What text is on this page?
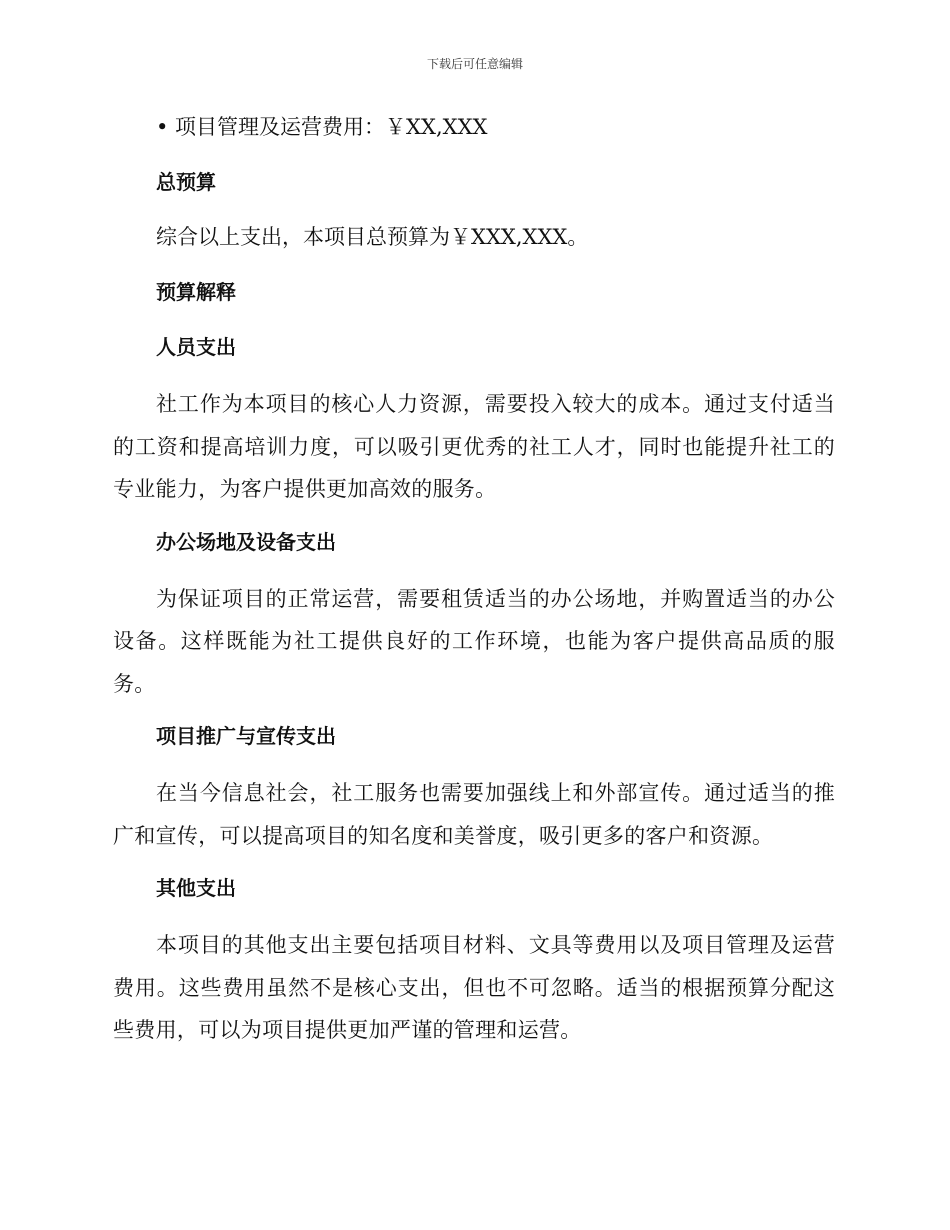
下载后可任意编辑
• 项目管理及运营费用：￥XX,XXX
总预算
综合以上支出，本项目总预算为￥XXX,XXX。
预算解释
人员支出
社工作为本项目的核心人力资源，需要投入较大的成本。通过支付适当的工资和提高培训力度，可以吸引更优秀的社工人才，同时也能提升社工的专业能力，为客户提供更加高效的服务。
办公场地及设备支出
为保证项目的正常运营，需要租赁适当的办公场地，并购置适当的办公设备。这样既能为社工提供良好的工作环境，也能为客户提供高品质的服务。
项目推广与宣传支出
在当今信息社会，社工服务也需要加强线上和外部宣传。通过适当的推广和宣传，可以提高项目的知名度和美誉度，吸引更多的客户和资源。
其他支出
本项目的其他支出主要包括项目材料、文具等费用以及项目管理及运营费用。这些费用虽然不是核心支出，但也不可忽略。适当的根据预算分配这些费用，可以为项目提供更加严谨的管理和运营。
